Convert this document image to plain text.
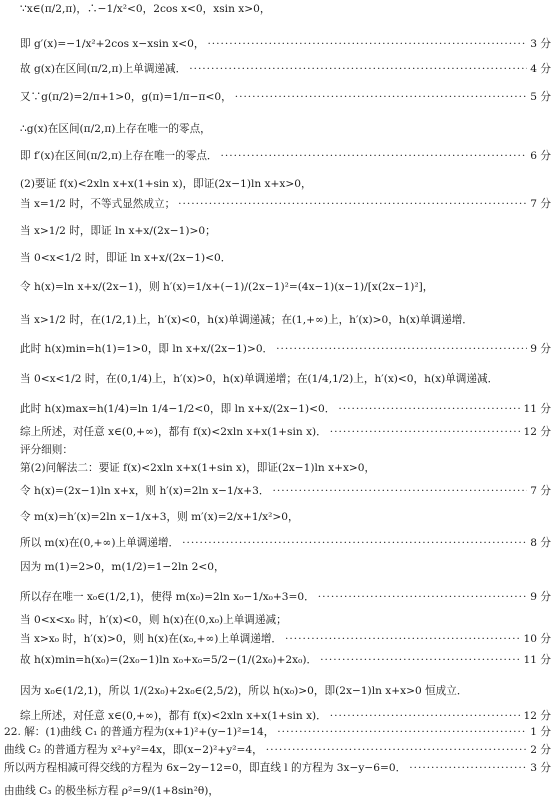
∵x∈(π/2,π)，∴−1/x²<0，2cos x<0，xsin x>0，
即 g′(x)=−1/x²+2cos x−xsin x<0， ·····	3 分
故 g(x)在区间(π/2,π)上单调递减． ·····	4 分
又∵g(π/2)=2/π+1>0，g(π)=1/π−π<0， ·····	5 分
∴g(x)在区间(π/2,π)上存在唯一的零点，
即 f′(x)在区间(π/2,π)上存在唯一的零点． ·····	6 分
(2)要证 f(x)<2xln x+x(1+sin x)，即证(2x−1)ln x+x>0，
当 x=1/2 时，不等式显然成立； ·····	7 分
当 x>1/2 时，即证 ln x+x/(2x−1)>0；
当 0<x<1/2 时，即证 ln x+x/(2x−1)<0．
令 h(x)=ln x+x/(2x−1)，则 h′(x)=1/x+(−1)/(2x−1)²=(4x−1)(x−1)/[x(2x−1)²]，
当 x>1/2 时，在(1/2,1)上，h′(x)<0，h(x)单调递减；在(1,+∞)上，h′(x)>0，h(x)单调递增．
此时 h(x)min=h(1)=1>0，即 ln x+x/(2x−1)>0． ·····	9 分
当 0<x<1/2 时，在(0,1/4)上，h′(x)>0，h(x)单调递增；在(1/4,1/2)上，h′(x)<0，h(x)单调递减．
此时 h(x)max=h(1/4)=ln 1/4−1/2<0，即 ln x+x/(2x−1)<0． ·····	11 分
综上所述，对任意 x∈(0,+∞)，都有 f(x)<2xln x+x(1+sin x)． ·····	12 分
评分细则：
第(2)问解法二：要证 f(x)<2xln x+x(1+sin x)，即证(2x−1)ln x+x>0，
令 h(x)=(2x−1)ln x+x，则 h′(x)=2ln x−1/x+3． ·····	7 分
令 m(x)=h′(x)=2ln x−1/x+3，则 m′(x)=2/x+1/x²>0，
所以 m(x)在(0,+∞)上单调递增． ·····	8 分
因为 m(1)=2>0，m(1/2)=1−2ln 2<0，
所以存在唯一 x₀∈(1/2,1)，使得 m(x₀)=2ln x₀−1/x₀+3=0． ·····	9 分
当 0<x<x₀ 时，h′(x)<0，则 h(x)在(0,x₀)上单调递减；
当 x>x₀ 时，h′(x)>0，则 h(x)在(x₀,+∞)上单调递增． ·····	10 分
故 h(x)min=h(x₀)=(2x₀−1)ln x₀+x₀=5/2−(1/(2x₀)+2x₀)． ·····	11 分
因为 x₀∈(1/2,1)，所以 1/(2x₀)+2x₀∈(2,5/2)，所以 h(x₀)>0，即(2x−1)ln x+x>0 恒成立．
综上所述，对任意 x∈(0,+∞)，都有 f(x)<2xln x+x(1+sin x)． ·····	12 分
22. 解：(1)曲线 C₁ 的普通方程为(x+1)²+(y−1)²=14， ·····	1 分
曲线 C₂ 的普通方程为 x²+y²=4x，即(x−2)²+y²=4， ·····	2 分
所以两方程相减可得交线的方程为 6x−2y−12=0，即直线 l 的方程为 3x−y−6=0． ·····	3 分
由曲线 C₃ 的极坐标方程 ρ²=9/(1+8sin²θ)，
